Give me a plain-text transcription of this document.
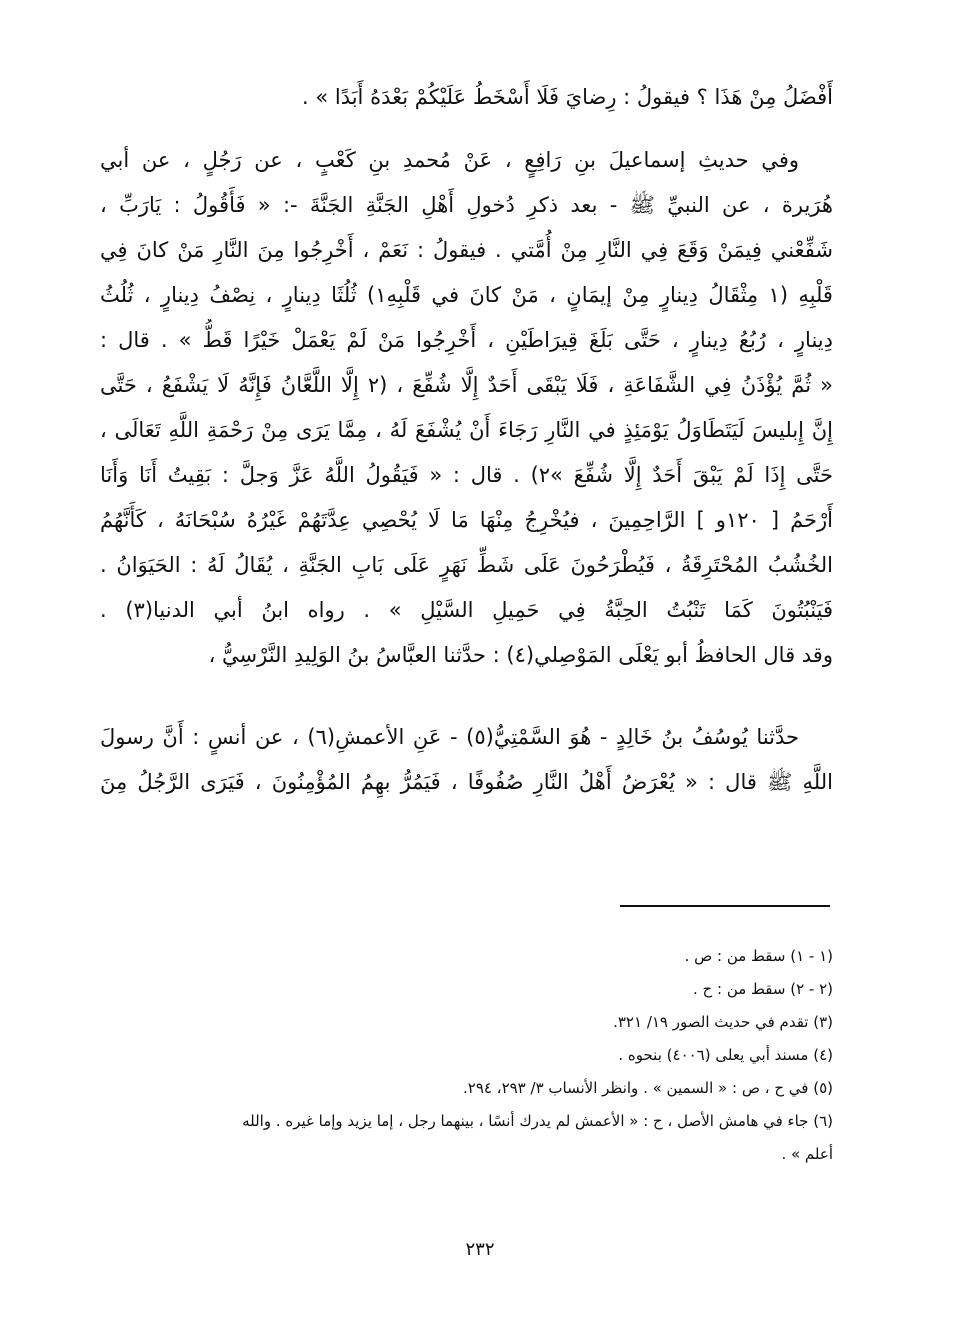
أَفْضَلُ مِنْ هَذَا ؟ فيقولُ : رِضايَ فَلَا أَسْخَطُ عَلَيْكُمْ بَعْدَهُ أَبَدًا » .
وفي حديثِ إسماعيلَ بنِ رَافِعٍ ، عَنْ مُحمدِ بنِ كَعْبٍ ، عن رَجُلٍ ، عن أبي
هُرَيرة ، عن النبيِّ ﷺ - بعد ذكرِ دُخولِ أَهْلِ الجَنَّةِ الجَنَّةَ -: « فَأَقُولُ : يَارَبِّ ،
شَفِّعْني فِيمَنْ وَقَعَ فِي النَّارِ مِنْ أُمَّتي . فيقولُ : نَعَمْ ، أَخْرِجُوا مِنَ النَّارِ مَنْ كانَ فِي
قَلْبِهِ (١ مِثْقَالُ دِينارٍ مِنْ إيمَانٍ ، مَنْ كانَ في قَلْبِهِ١) ثُلُثَا دِينارٍ ، نِصْفُ دِينارٍ ، ثُلُثُ
دِينارٍ ، رُبُعُ دِينارٍ ، حَتَّى بَلَغَ قِيرَاطَيْنِ ، أَخْرِجُوا مَنْ لَمْ يَعْمَلْ خَيْرًا قَطُّ » . قال :
« ثُمَّ يُؤْذَنُ فِي الشَّفَاعَةِ ، فَلَا يَبْقَى أَحَدٌ إِلَّا شُفِّعَ ، (٢ إِلَّا اللَّعَّانُ فَإِنَّهُ لَا يَشْفَعُ ، حَتَّى
إِنَّ إِبليسَ لَيَتَطَاوَلُ يَوْمَئِذٍ في النَّارِ رَجَاءَ أَنْ يُشْفَعَ لَهُ ، مِمَّا يَرَى مِنْ رَحْمَةِ اللَّهِ تَعَالَى ،
حَتَّى إِذَا لَمْ يَبْقَ أَحَدٌ إِلَّا شُفِّعَ »٢) . قال : « فَيَقُولُ اللَّهُ عَزَّ وَجلَّ : بَقِيتُ أَنَا وَأَنَا
أَرْحَمُ [ ١٢٠و ] الرَّاحِمِينَ ، فيُخْرِجُ مِنْهَا مَا لَا يُحْصِي عِدَّتَهُمْ غَيْرُهُ سُبْحَانَهُ ، كَأَنَّهُمُ
الخُشُبُ المُحْتَرِقَةُ ، فَيُطْرَحُونَ عَلَى شَطِّ نَهَرٍ عَلَى بَابِ الجَنَّةِ ، يُقَالُ لَهُ : الحَيَوَانُ .
فَيَنْبُتُونَ كَمَا تَنْبُتُ الحِبَّةُ فِي حَمِيلِ السَّيْلِ » . رواه ابنُ أبي الدنيا(٣) .
وقد قال الحافظُ أبو يَعْلَى المَوْصِلي(٤) : حدَّثنا العبَّاسُ بنُ الوَلِيدِ النَّرْسِيُّ ،
حدَّثنا يُوسُفُ بنُ خَالِدٍ - هُوَ السَّمْتِيُّ(٥) - عَنِ الأعمشِ(٦) ، عن أنسٍ : أَنَّ رسولَ
اللَّهِ ﷺ قال : « يُعْرَضُ أَهْلُ النَّارِ صُفُوفًا ، فَيَمُرُّ بهِمُ المُؤْمِنُونَ ، فَيَرَى الرَّجُلُ مِنَ
(١ - ١) سقط من : ص .
(٢ - ٢) سقط من : ح .
(٣) تقدم في حديث الصور ١٩/ ٣٢١.
(٤) مسند أبي يعلى (٤٠٠٦) بنحوه .
(٥) في ح ، ص : « السمين » . وانظر الأنساب ٣/ ٢٩٣، ٢٩٤.
(٦) جاء في هامش الأصل ، ح : « الأعمش لم يدرك أنسًا ، بينهما رجل ، إما يزيد وإما غيره . والله
أعلم » .
٢٣٢
